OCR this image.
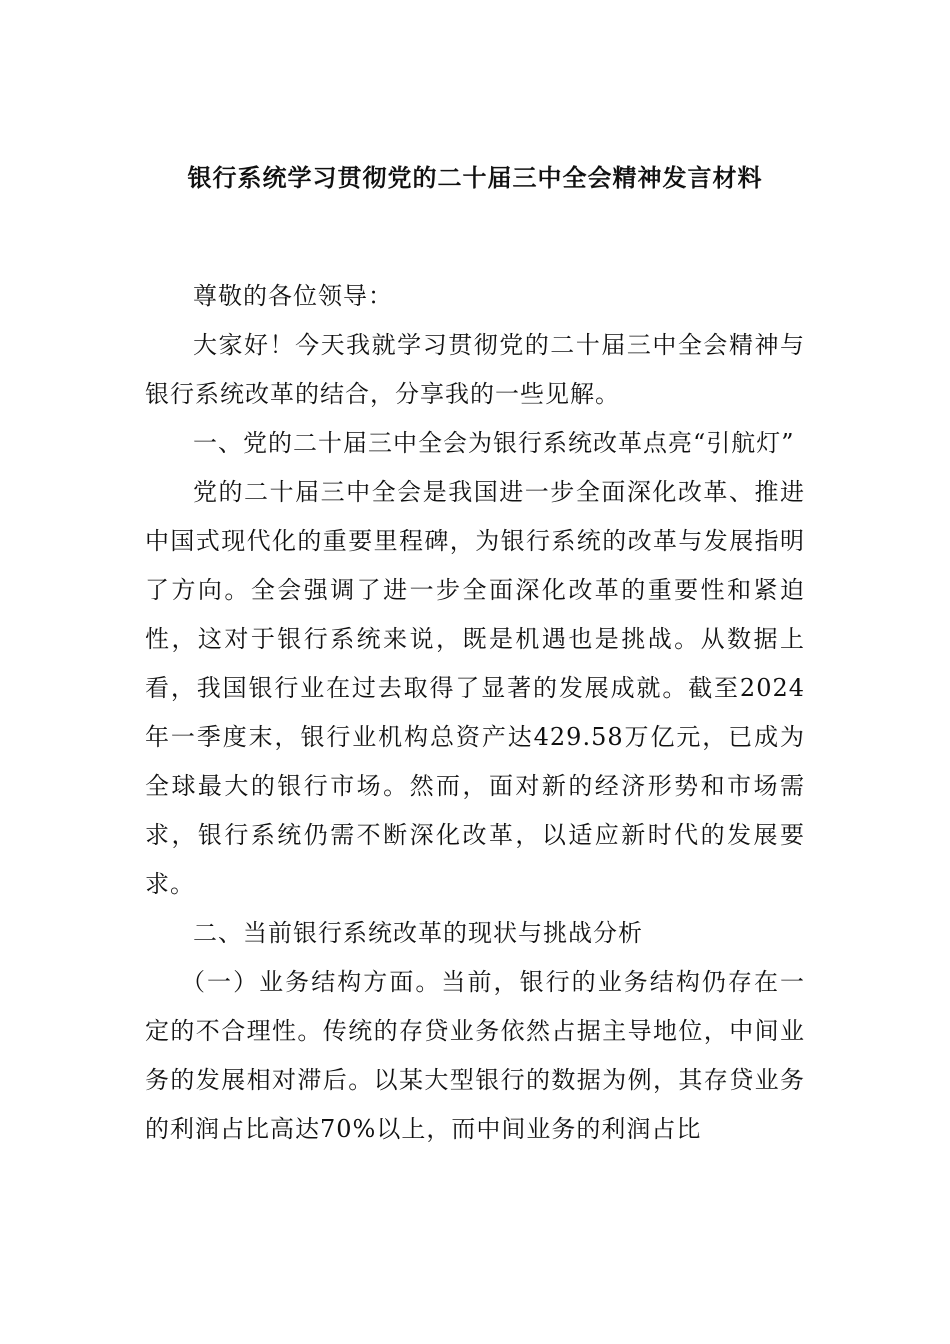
银行系统学习贯彻党的二十届三中全会精神发言材料

尊敬的各位领导：

大家好！今天我就学习贯彻党的二十届三中全会精神与银行系统改革的结合，分享我的一些见解。

一、党的二十届三中全会为银行系统改革点亮“引航灯”

党的二十届三中全会是我国进一步全面深化改革、推进中国式现代化的重要里程碑，为银行系统的改革与发展指明了方向。全会强调了进一步全面深化改革的重要性和紧迫性，这对于银行系统来说，既是机遇也是挑战。从数据上看，我国银行业在过去取得了显著的发展成就。截至2024年一季度末，银行业机构总资产达429.58万亿元，已成为全球最大的银行市场。然而，面对新的经济形势和市场需求，银行系统仍需不断深化改革，以适应新时代的发展要求。

二、当前银行系统改革的现状与挑战分析

（一）业务结构方面。当前，银行的业务结构仍存在一定的不合理性。传统的存贷业务依然占据主导地位，中间业务的发展相对滞后。以某大型银行的数据为例，其存贷业务的利润占比高达70%以上，而中间业务的利润占比
